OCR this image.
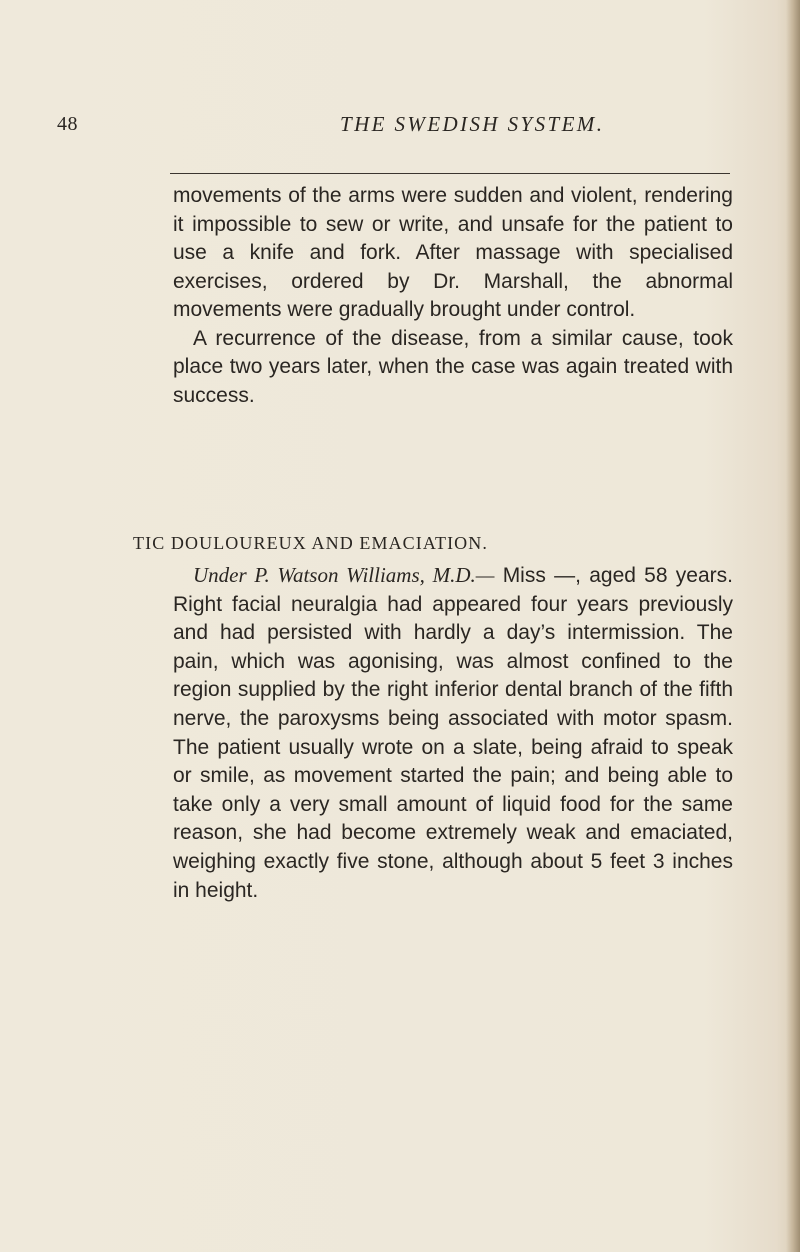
48	THE SWEDISH SYSTEM.

movements of the arms were sudden and violent, rendering it impossible to sew or write, and unsafe for the patient to use a knife and fork. After massage with specialised exercises, ordered by Dr. Marshall, the abnormal movements were gradually brought under control.

A recurrence of the disease, from a similar cause, took place two years later, when the case was again treated with success.

TIC DOULOUREUX AND EMACIATION.

Under P. Watson Williams, M.D.— Miss —, aged 58 years. Right facial neuralgia had appeared four years previously and had persisted with hardly a day’s intermission. The pain, which was agonising, was almost confined to the region supplied by the right inferior dental branch of the fifth nerve, the paroxysms being associated with motor spasm. The patient usually wrote on a slate, being afraid to speak or smile, as movement started the pain; and being able to take only a very small amount of liquid food for the same reason, she had become extremely weak and emaciated, weighing exactly five stone, although about 5 feet 3 inches in height.
